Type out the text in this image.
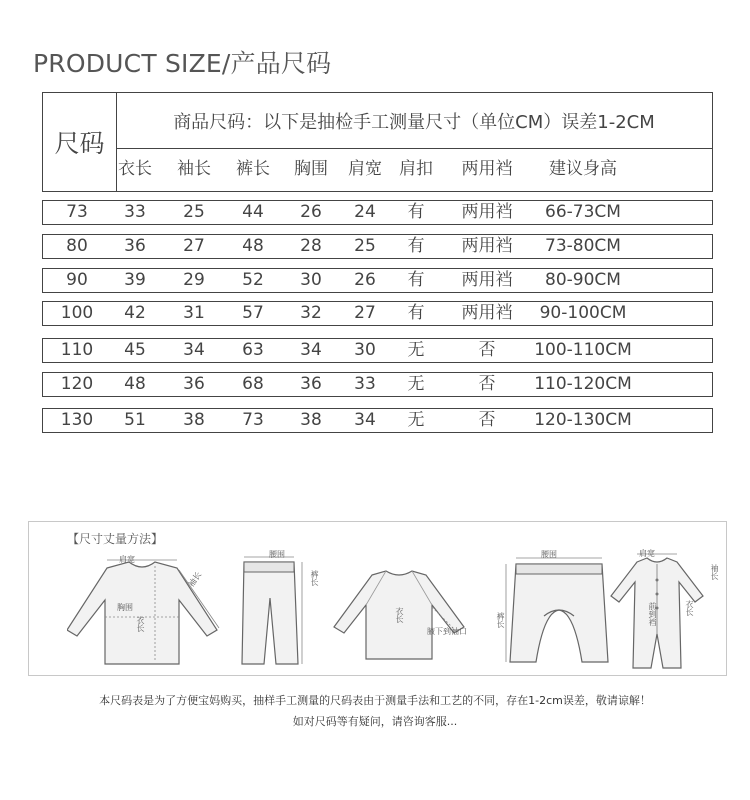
PRODUCT SIZE/产品尺码
尺码
商品尺码：以下是抽检手工测量尺寸（单位CM）误差1-2CM
衣长 袖长 裤长 胸围 肩宽 肩扣 两用裆 建议身高
73 33 25 44 26 24 有 两用裆 66-73CM
80 36 27 48 28 25 有 两用裆 73-80CM
90 39 29 52 30 26 有 两用裆 80-90CM
100 42 31 57 32 27 有 两用裆 90-100CM
110 45 34 63 34 30 无	否 100-110CM
120 48 36 68 36 33 无	否 110-120CM
130 51 38 73 38 34 无	否 120-130CM
【尺寸丈量方法】
肩宽
袖长
胸围
衣长
腰围
裤长
衣长
腋下到袖口
腰围
裤长
肩宽
袖长
前到裆	衣长
本尺码表是为了方便宝妈购买，抽样手工测量的尺码表由于测量手法和工艺的不同，存在1-2cm误差，敬请谅解！
如对尺码等有疑问，请咨询客服...
